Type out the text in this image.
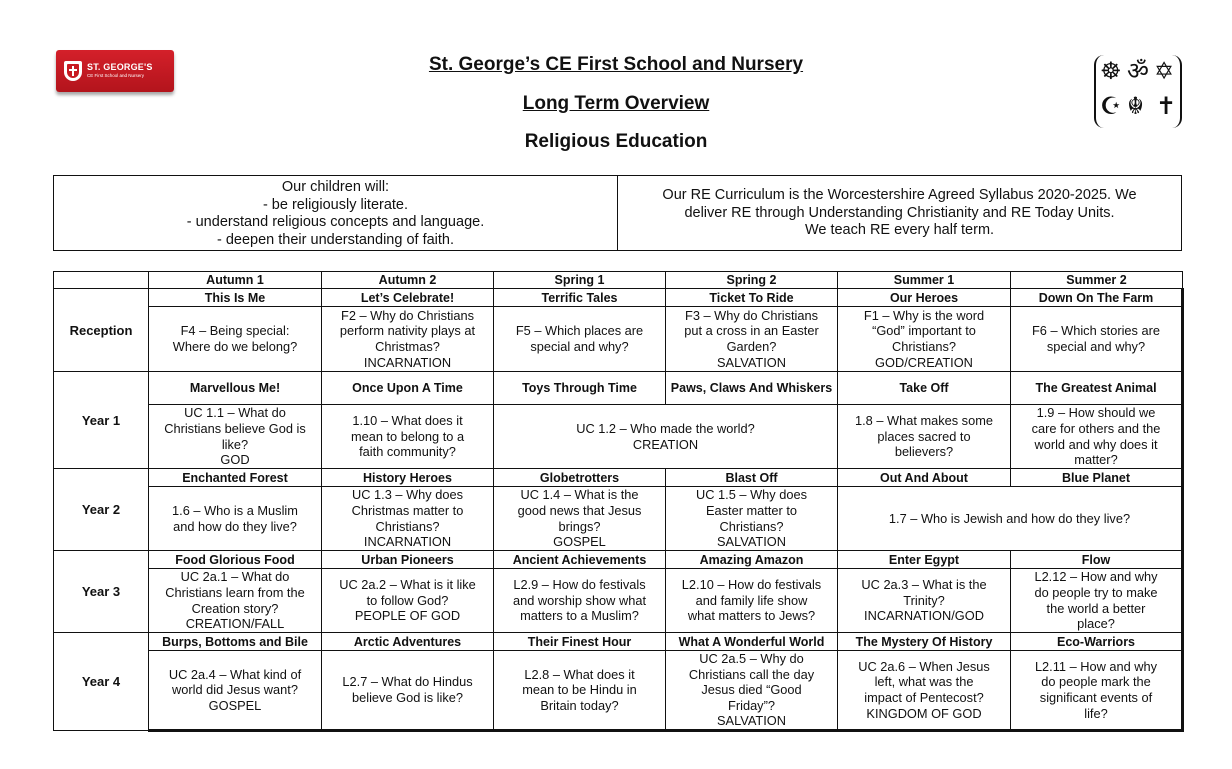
ST. GEORGE'S
CE First School and Nursery
St. George’s CE First School and Nursery
Long Term Overview
Religious Education
☸ ॐ ✡
☪ ☬ ✝
Our children will:
- be religiously literate.
- understand religious concepts and language.
- deepen their understanding of faith.
Our RE Curriculum is the Worcestershire Agreed Syllabus 2020-2025. We
deliver RE through Understanding Christianity and RE Today Units.
We teach RE every half term.
	Autumn 1	Autumn 2	Spring 1	Spring 2	Summer 1	Summer 2
Reception	This Is Me	Let’s Celebrate!	Terrific Tales	Ticket To Ride	Our Heroes	Down On The Farm

	F4 – Being special:
Where do we belong?	F2 – Why do Christians
perform nativity plays at
Christmas?
INCARNATION	F5 – Which places are
special and why?	F3 – Why do Christians
put a cross in an Easter
Garden?
SALVATION	F1 – Why is the word
“God” important to
Christians?
GOD/CREATION	F6 – Which stories are
special and why?

Year 1	Marvellous Me!	Once Upon A Time	Toys Through Time	Paws, Claws And Whiskers	Take Off	The Greatest Animal

	UC 1.1 – What do
Christians believe God is
like?
GOD	1.10 – What does it
mean to belong to a
faith community?	UC 1.2 – Who made the world?
CREATION		1.8 – What makes some
places sacred to
believers?	1.9 – How should we
care for others and the
world and why does it
matter?

Year 2	Enchanted Forest	History Heroes	Globetrotters	Blast Off	Out And About	Blue Planet

	1.6 – Who is a Muslim
and how do they live?	UC 1.3 – Why does
Christmas matter to
Christians?
INCARNATION	UC 1.4 – What is the
good news that Jesus
brings?
GOSPEL	UC 1.5 – Why does
Easter matter to
Christians?
SALVATION	1.7 – Who is Jewish and how do they live?	

Year 3	Food Glorious Food	Urban Pioneers	Ancient Achievements	Amazing Amazon	Enter Egypt	Flow

	UC 2a.1 – What do
Christians learn from the
Creation story?
CREATION/FALL	UC 2a.2 – What is it like
to follow God?
PEOPLE OF GOD	L2.9 – How do festivals
and worship show what
matters to a Muslim?	L2.10 – How do festivals
and family life show
what matters to Jews?	UC 2a.3 – What is the
Trinity?
INCARNATION/GOD	L2.12 – How and why
do people try to make
the world a better
place?

Year 4	Burps, Bottoms and Bile	Arctic Adventures	Their Finest Hour	What A Wonderful World	The Mystery Of History	Eco-Warriors

	UC 2a.4 – What kind of
world did Jesus want?
GOSPEL	L2.7 – What do Hindus
believe God is like?	L2.8 – What does it
mean to be Hindu in
Britain today?	UC 2a.5 – Why do
Christians call the day
Jesus died “Good
Friday”?
SALVATION	UC 2a.6 – When Jesus
left, what was the
impact of Pentecost?
KINGDOM OF GOD	L2.11 – How and why
do people mark the
significant events of
life?
